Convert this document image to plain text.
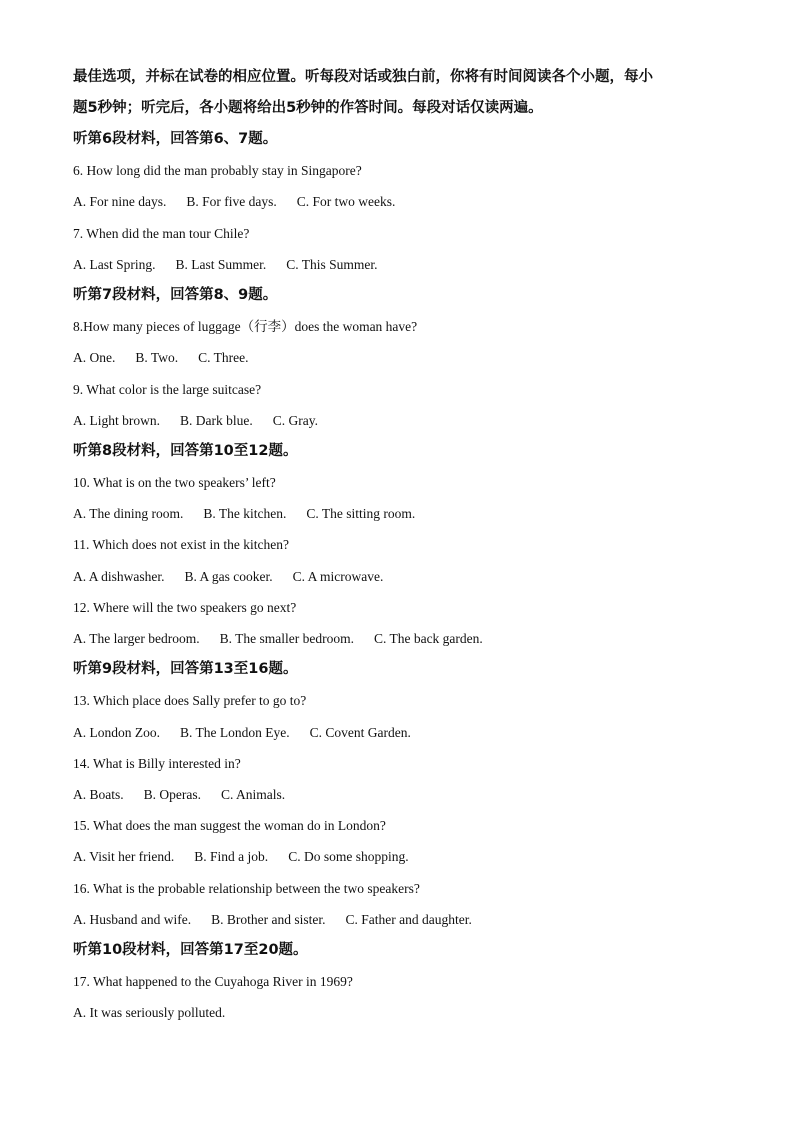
最佳选项，并标在试卷的相应位置。听每段对话或独白前，你将有时间阅读各个小题，每小
题5秒钟；听完后，各小题将给出5秒钟的作答时间。每段对话仅读两遍。
听第6段材料，回答第6、7题。
6. How long did the man probably stay in Singapore?
A. For nine days. B. For five days. C. For two weeks.
7. When did the man tour Chile?
A. Last Spring. B. Last Summer. C. This Summer.
听第7段材料，回答第8、9题。
8.How many pieces of luggage（行李）does the woman have?
A. One. B. Two. C. Three.
9. What color is the large suitcase?
A. Light brown. B. Dark blue. C. Gray.
听第8段材料，回答第10至12题。
10. What is on the two speakers’ left?
A. The dining room. B. The kitchen. C. The sitting room.
11. Which does not exist in the kitchen?
A. A dishwasher. B. A gas cooker. C. A microwave.
12. Where will the two speakers go next?
A. The larger bedroom. B. The smaller bedroom. C. The back garden.
听第9段材料，回答第13至16题。
13. Which place does Sally prefer to go to?
A. London Zoo. B. The London Eye. C. Covent Garden.
14. What is Billy interested in?
A. Boats. B. Operas. C. Animals.
15. What does the man suggest the woman do in London?
A. Visit her friend. B. Find a job. C. Do some shopping.
16. What is the probable relationship between the two speakers?
A. Husband and wife. B. Brother and sister. C. Father and daughter.
听第10段材料，回答第17至20题。
17. What happened to the Cuyahoga River in 1969?
A. It was seriously polluted.
